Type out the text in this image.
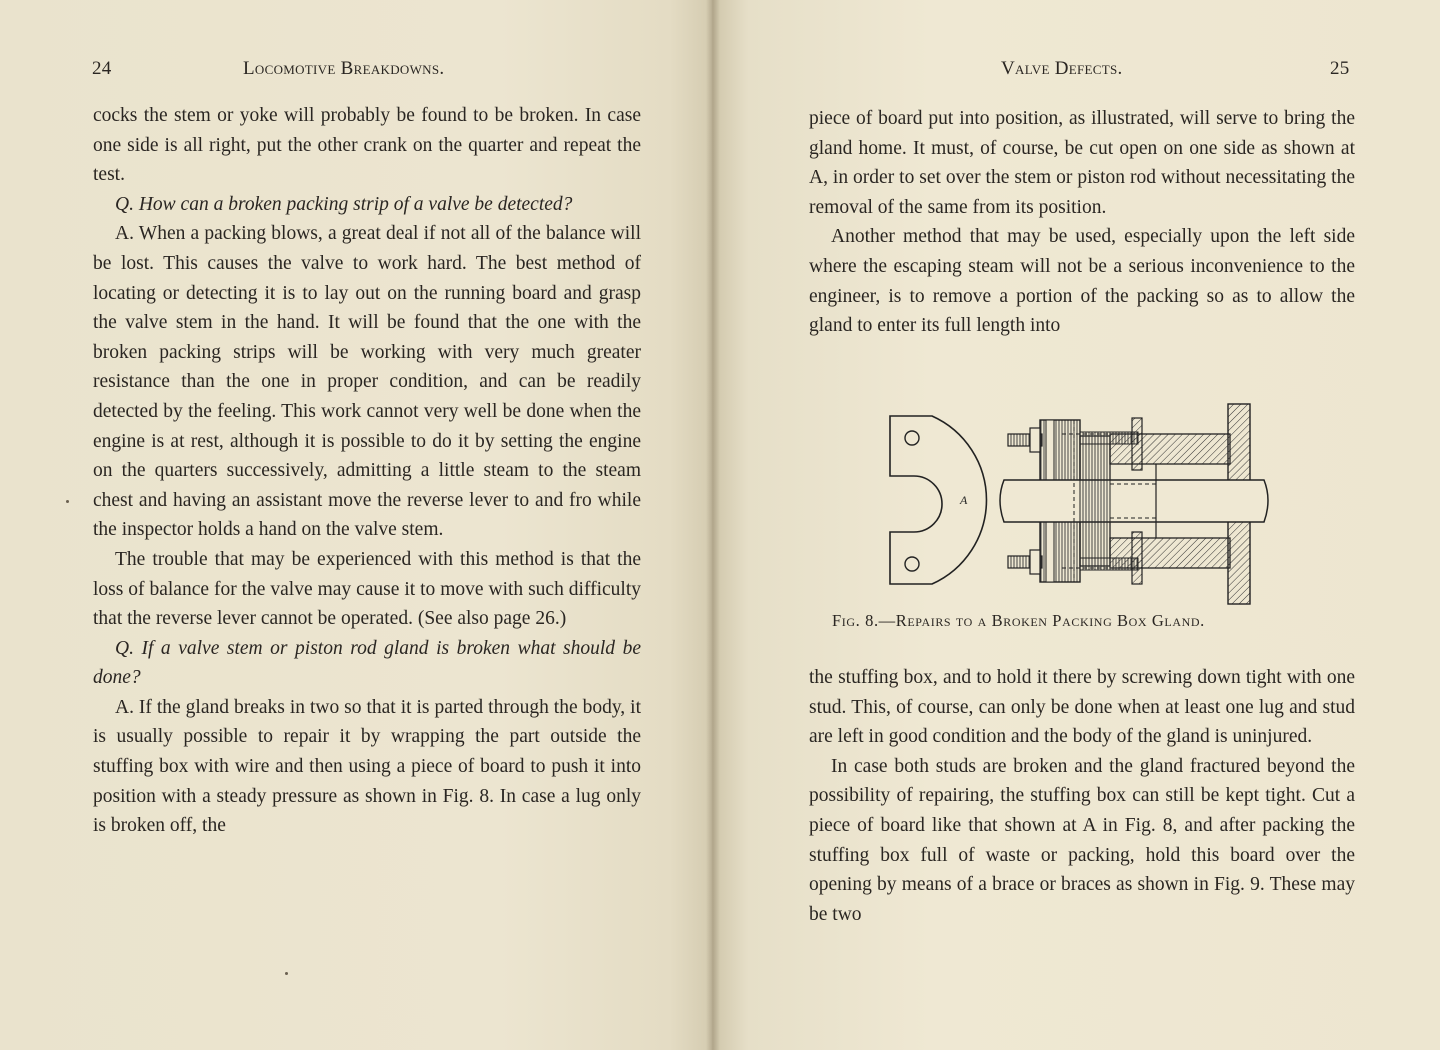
24	Locomotive Breakdowns.

cocks the stem or yoke will probably be found to be broken. In case one side is all right, put the other crank on the quarter and repeat the test.

Q. How can a broken packing strip of a valve be detected?

A. When a packing blows, a great deal if not all of the balance will be lost. This causes the valve to work hard. The best method of locating or detecting it is to lay out on the running board and grasp the valve stem in the hand. It will be found that the one with the broken packing strips will be working with very much greater resistance than the one in proper condition, and can be readily detected by the feeling. This work cannot very well be done when the engine is at rest, although it is possible to do it by setting the engine on the quarters successively, admitting a little steam to the steam chest and having an assistant move the reverse lever to and fro while the inspector holds a hand on the valve stem.

The trouble that may be experienced with this method is that the loss of balance for the valve may cause it to move with such difficulty that the reverse lever cannot be operated. (See also page 26.)

Q. If a valve stem or piston rod gland is broken what should be done?

A. If the gland breaks in two so that it is parted through the body, it is usually possible to repair it by wrapping the part outside the stuffing box with wire and then using a piece of board to push it into position with a steady pressure as shown in Fig. 8. In case a lug only is broken off, the

Valve Defects.	25

piece of board put into position, as illustrated, will serve to bring the gland home. It must, of course, be cut open on one side as shown at A, in order to set over the stem or piston rod without necessitating the removal of the same from its position.

Another method that may be used, especially upon the left side where the escaping steam will not be a serious inconvenience to the engineer, is to remove a portion of the packing so as to allow the gland to enter its full length into

A
Fig. 8.—Repairs to a Broken Packing Box Gland.

the stuffing box, and to hold it there by screwing down tight with one stud. This, of course, can only be done when at least one lug and stud are left in good condition and the body of the gland is uninjured.

In case both studs are broken and the gland fractured beyond the possibility of repairing, the stuffing box can still be kept tight. Cut a piece of board like that shown at A in Fig. 8, and after packing the stuffing box full of waste or packing, hold this board over the opening by means of a brace or braces as shown in Fig. 9. These may be two
